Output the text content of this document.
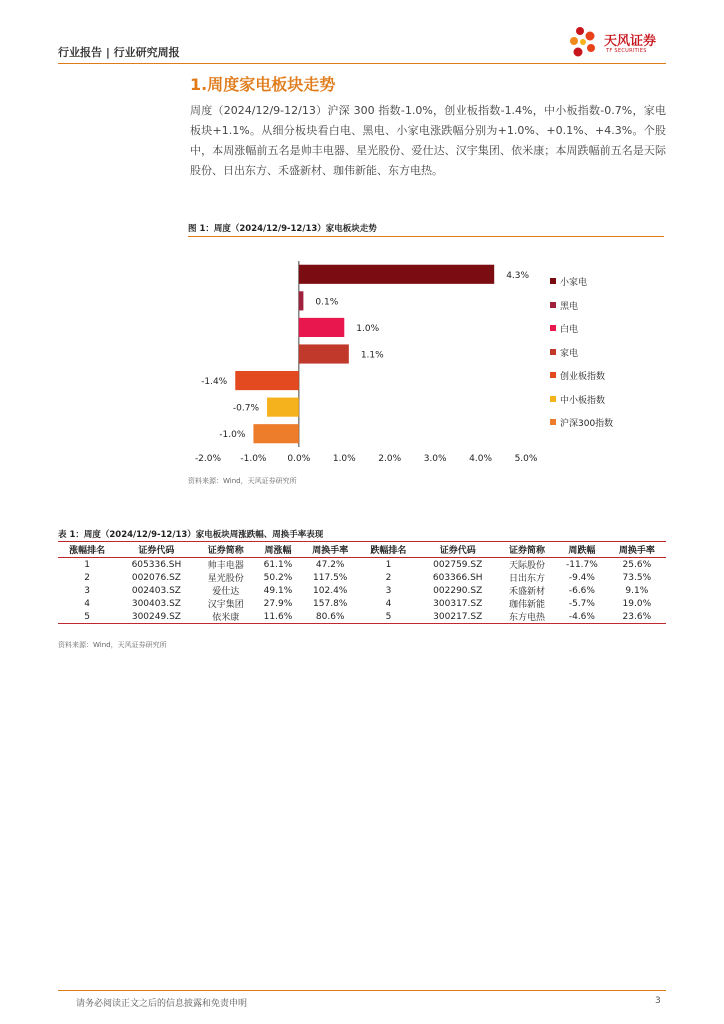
行业报告 | 行业研究周报
天风证券
TF SECURITIES
1.周度家电板块走势
周度（2024/12/9-12/13）沪深 300 指数-1.0%，创业板指数-1.4%，中小板指数-0.7%，家电板块+1.1%。从细分板块看白电、黑电、小家电涨跌幅分别为+1.0%、+0.1%、+4.3%。个股中，本周涨幅前五名是帅丰电器、星光股份、爱仕达、汉宇集团、依米康；本周跌幅前五名是天际股份、日出东方、禾盛新材、珈伟新能、东方电热。
图 1：周度（2024/12/9-12/13）家电板块走势
-2.0% -1.0% 0.0%	1.0%	2.0%	3.0%	4.0%	5.0%
4.3%
0.1%
1.0%
1.1%
-1.4%
-0.7%
-1.0%
小家电
黑电
白电
家电
创业板指数
中小板指数
沪深300指数
资料来源：Wind，天风证券研究所
表 1：周度（2024/12/9-12/13）家电板块周涨跌幅、周换手率表现
涨幅排名	证券代码	证券简称	周涨幅	周换手率	跌幅排名	证券代码	证券简称	周跌幅	周换手率
1	605336.SH	帅丰电器	61.1%	47.2%	1	002759.SZ	天际股份	-11.7%	25.6%
2	002076.SZ	星光股份	50.2%	117.5%	2	603366.SH	日出东方	-9.4%	73.5%
3	002403.SZ	爱仕达	49.1%	102.4%	3	002290.SZ	禾盛新材	-6.6%	9.1%
4	300403.SZ	汉宇集团	27.9%	157.8%	4	300317.SZ	珈伟新能	-5.7%	19.0%
5	300249.SZ	依米康	11.6%	80.6%	5	300217.SZ	东方电热	-4.6%	23.6%
资料来源：Wind，天风证券研究所
请务必阅读正文之后的信息披露和免责申明	3
